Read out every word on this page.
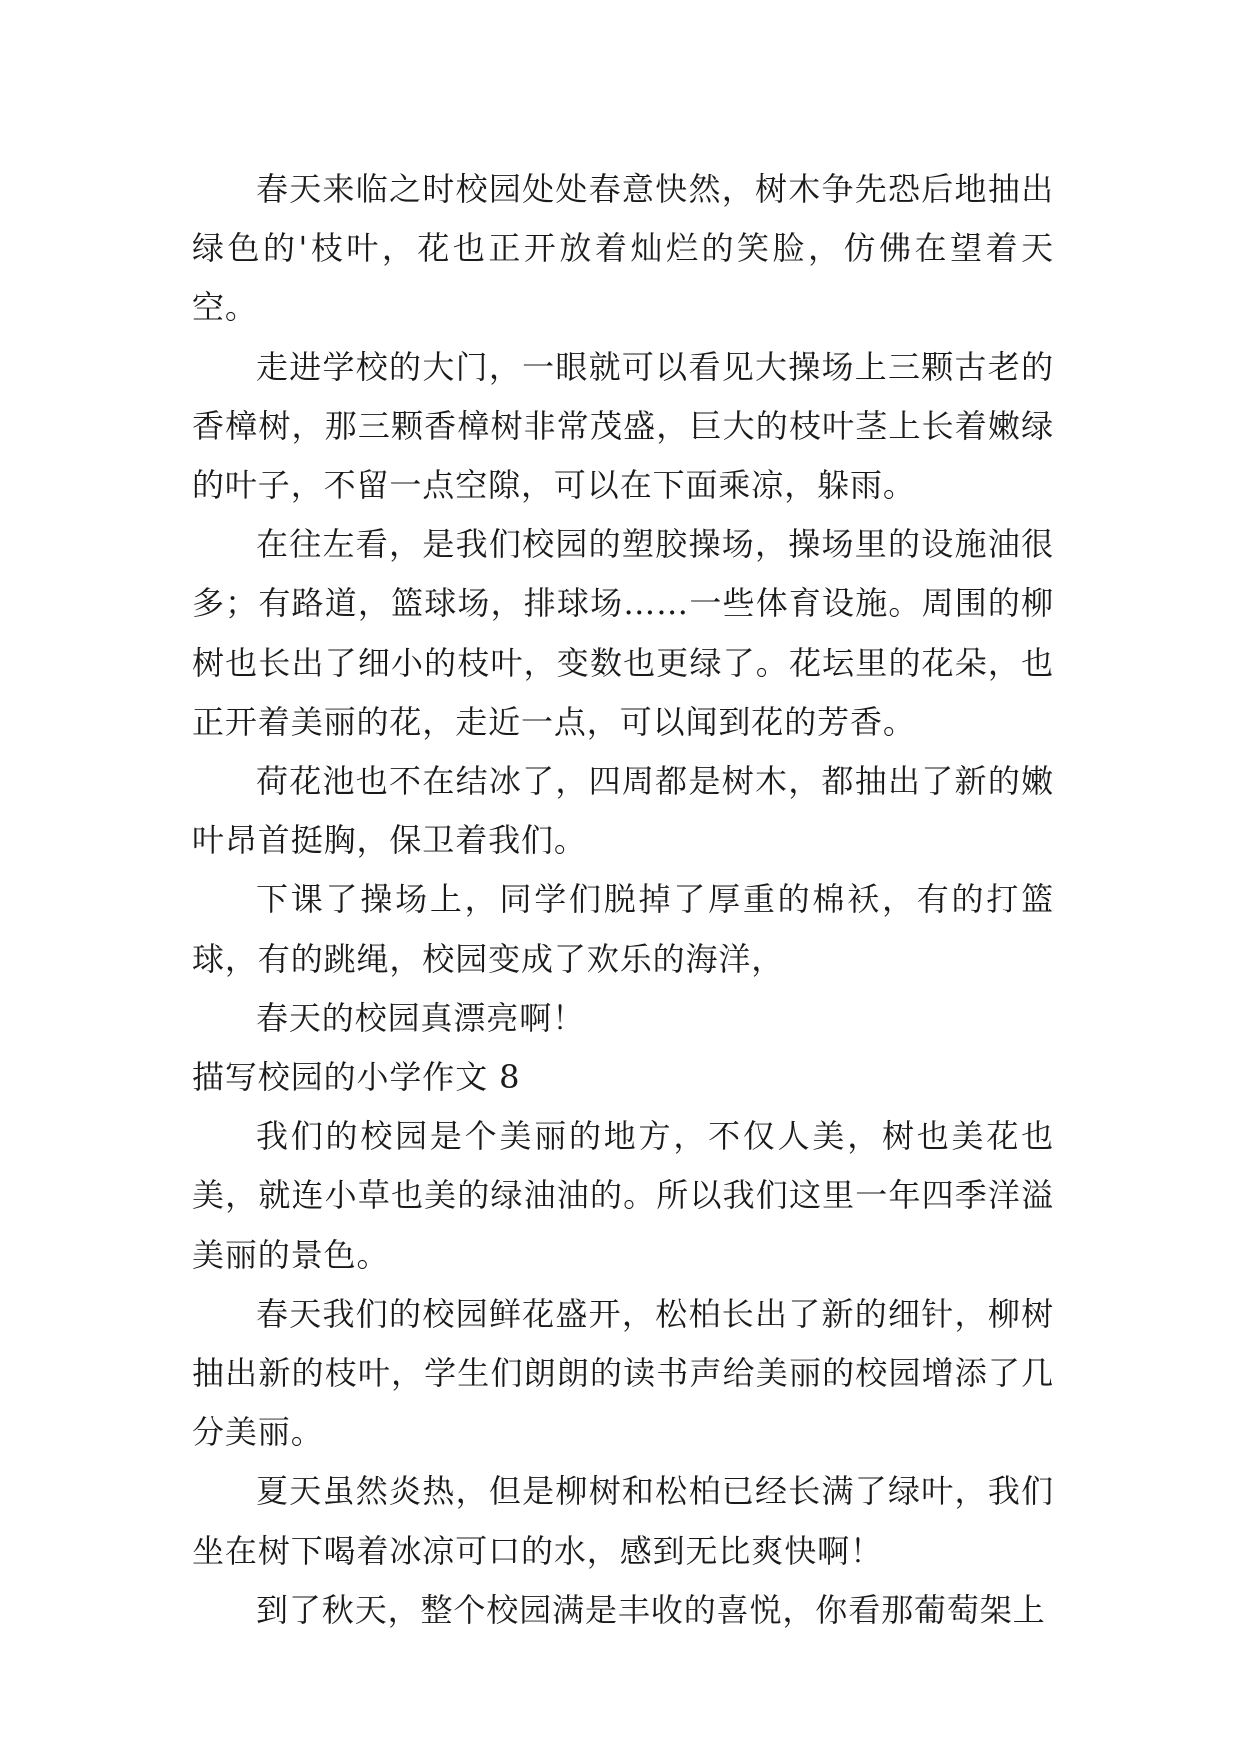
春天来临之时校园处处春意快然，树木争先恐后地抽出绿色的'枝叶，花也正开放着灿烂的笑脸，仿佛在望着天空。

走进学校的大门，一眼就可以看见大操场上三颗古老的香樟树，那三颗香樟树非常茂盛，巨大的枝叶茎上长着嫩绿的叶子，不留一点空隙，可以在下面乘凉，躲雨。

在往左看，是我们校园的塑胶操场，操场里的设施油很多；有路道，篮球场，排球场……一些体育设施。周围的柳树也长出了细小的枝叶，变数也更绿了。花坛里的花朵，也正开着美丽的花，走近一点，可以闻到花的芳香。

荷花池也不在结冰了，四周都是树木，都抽出了新的嫩叶昂首挺胸，保卫着我们。

下课了操场上，同学们脱掉了厚重的棉袄，有的打篮球，有的跳绳，校园变成了欢乐的海洋，

春天的校园真漂亮啊！

描写校园的小学作文 8

我们的校园是个美丽的地方，不仅人美，树也美花也美，就连小草也美的绿油油的。所以我们这里一年四季洋溢美丽的景色。

春天我们的校园鲜花盛开，松柏长出了新的细针，柳树抽出新的枝叶，学生们朗朗的读书声给美丽的校园增添了几分美丽。

夏天虽然炎热，但是柳树和松柏已经长满了绿叶，我们坐在树下喝着冰凉可口的水，感到无比爽快啊！

到了秋天，整个校园满是丰收的喜悦，你看那葡萄架上
